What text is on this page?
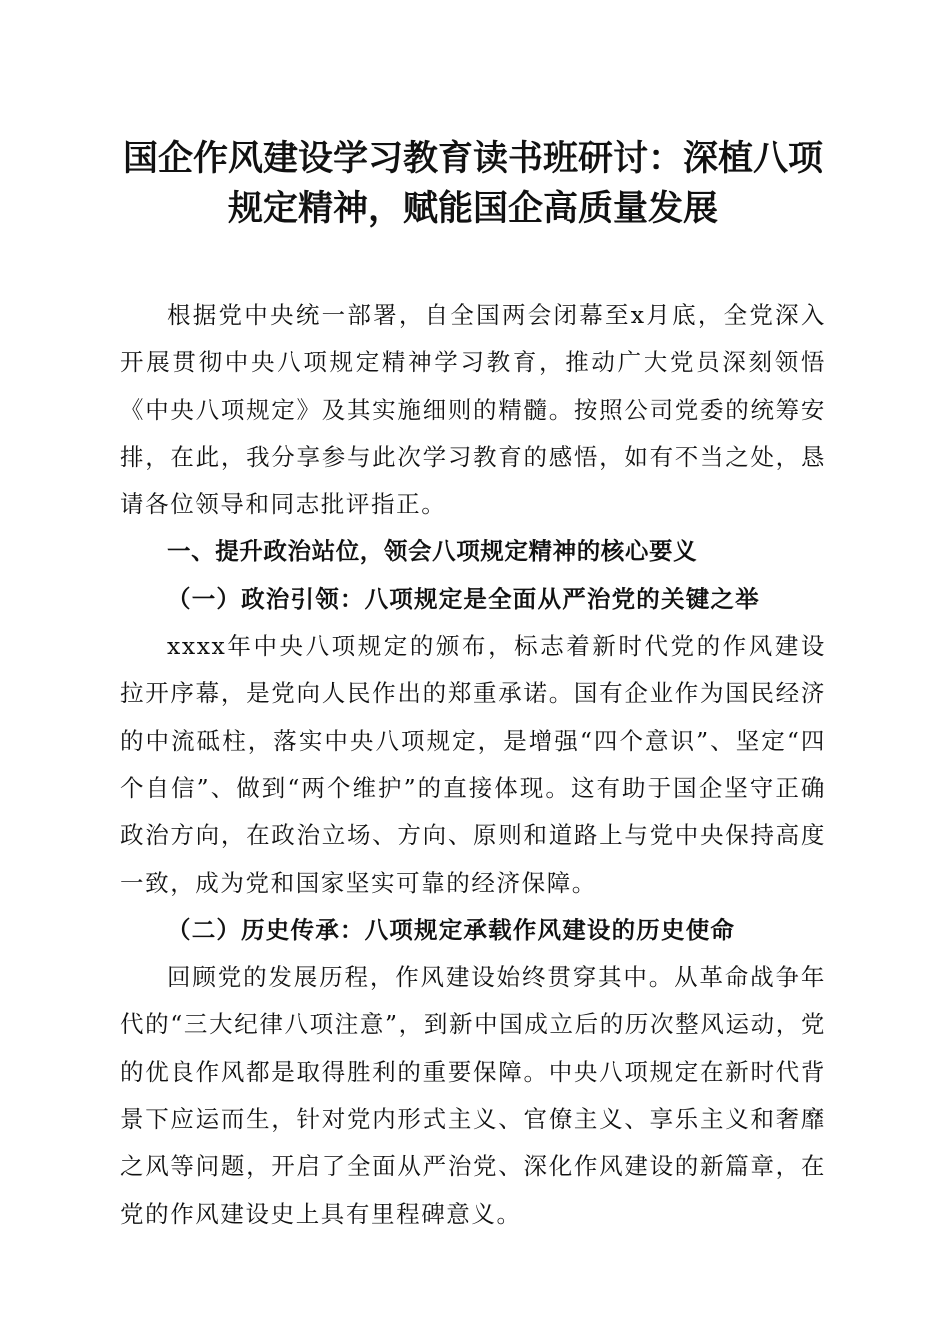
国企作风建设学习教育读书班研讨：深植八项
规定精神，赋能国企高质量发展

根据党中央统一部署，自全国两会闭幕至x月底，全党深入开展贯彻中央八项规定精神学习教育，推动广大党员深刻领悟《中央八项规定》及其实施细则的精髓。按照公司党委的统筹安排，在此，我分享参与此次学习教育的感悟，如有不当之处，恳请各位领导和同志批评指正。

一、提升政治站位，领会八项规定精神的核心要义

（一）政治引领：八项规定是全面从严治党的关键之举

xxxx年中央八项规定的颁布，标志着新时代党的作风建设拉开序幕，是党向人民作出的郑重承诺。国有企业作为国民经济的中流砥柱，落实中央八项规定，是增强“四个意识”、坚定“四个自信”、做到“两个维护”的直接体现。这有助于国企坚守正确政治方向，在政治立场、方向、原则和道路上与党中央保持高度一致，成为党和国家坚实可靠的经济保障。

（二）历史传承：八项规定承载作风建设的历史使命

回顾党的发展历程，作风建设始终贯穿其中。从革命战争年代的“三大纪律八项注意”，到新中国成立后的历次整风运动，党的优良作风都是取得胜利的重要保障。中央八项规定在新时代背景下应运而生，针对党内形式主义、官僚主义、享乐主义和奢靡之风等问题，开启了全面从严治党、深化作风建设的新篇章，在党的作风建设史上具有里程碑意义。
